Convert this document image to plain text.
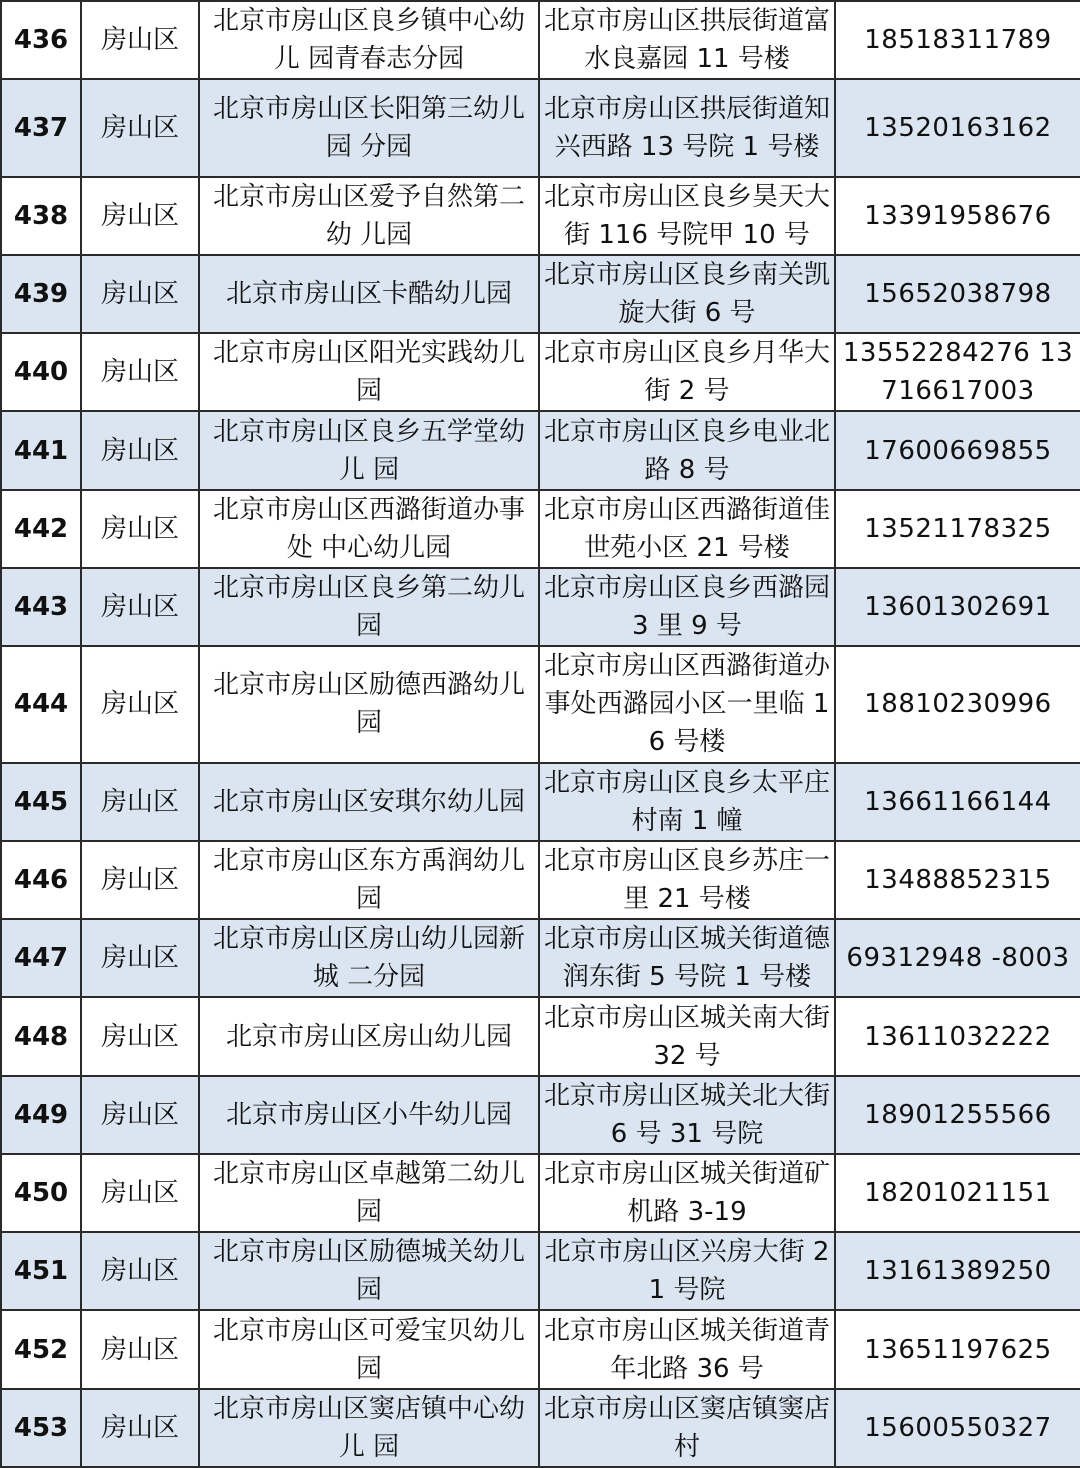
436	房山区	北京市房山区良乡镇中心幼儿 园青春志分园	北京市房山区拱辰街道富水良嘉园 11 号楼	18518311789
437	房山区	北京市房山区长阳第三幼儿园 分园	北京市房山区拱辰街道知兴西路 13 号院 1 号楼	13520163162
438	房山区	北京市房山区爱予自然第二幼 儿园	北京市房山区良乡昊天大街 116 号院甲 10 号	13391958676
439	房山区	北京市房山区卡酷幼儿园	北京市房山区良乡南关凯旋大街 6 号	15652038798
440	房山区	北京市房山区阳光实践幼儿园	北京市房山区良乡月华大街 2 号	13552284276 13716617003
441	房山区	北京市房山区良乡五学堂幼儿 园	北京市房山区良乡电业北路 8 号	17600669855
442	房山区	北京市房山区西潞街道办事处 中心幼儿园	北京市房山区西潞街道佳世苑小区 21 号楼	13521178325
443	房山区	北京市房山区良乡第二幼儿园	北京市房山区良乡西潞园 3 里 9 号	13601302691
444	房山区	北京市房山区励德西潞幼儿园	北京市房山区西潞街道办事处西潞园小区一里临 16 号楼	18810230996
445	房山区	北京市房山区安琪尔幼儿园	北京市房山区良乡太平庄村南 1 幢	13661166144
446	房山区	北京市房山区东方禹润幼儿园	北京市房山区良乡苏庄一里 21 号楼	13488852315
447	房山区	北京市房山区房山幼儿园新城 二分园	北京市房山区城关街道德润东街 5 号院 1 号楼	69312948 -8003
448	房山区	北京市房山区房山幼儿园	北京市房山区城关南大街 32 号	13611032222
449	房山区	北京市房山区小牛幼儿园	北京市房山区城关北大街 6 号 31 号院	18901255566
450	房山区	北京市房山区卓越第二幼儿园	北京市房山区城关街道矿机路 3-19	18201021151
451	房山区	北京市房山区励德城关幼儿园	北京市房山区兴房大街 21 号院	13161389250
452	房山区	北京市房山区可爱宝贝幼儿园	北京市房山区城关街道青年北路 36 号	13651197625
453	房山区	北京市房山区窦店镇中心幼儿 园	北京市房山区窦店镇窦店村	15600550327
